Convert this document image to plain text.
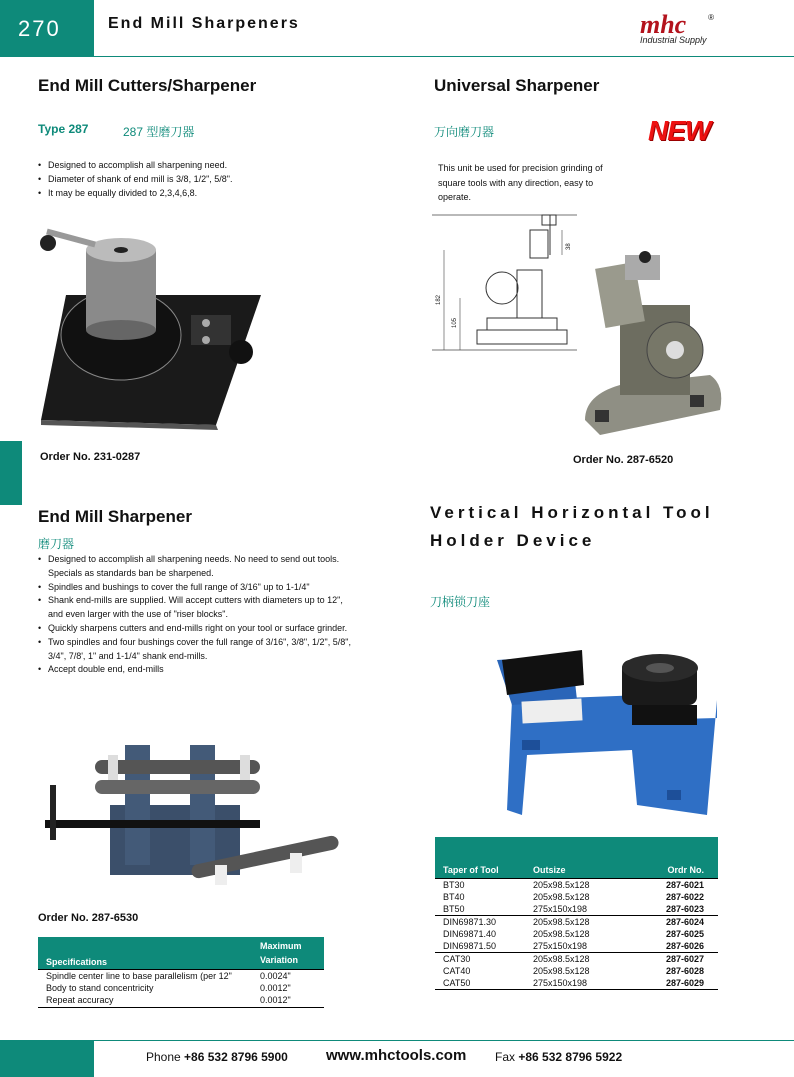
270	End Mill Sharpeners	mhc
Industrial Supply
®
End Mill Cutters/Sharpener
Type 287	287 型磨刀器
• Designed to accomplish all sharpening need.
• Diameter of shank of end mill is 3/8, 1/2", 5/8".
• It may be equally divided to 2,3,4,6,8.
Order No. 231-0287
Universal Sharpener
万向磨刀器	NEW
This unit be used for precision grinding of
square tools with any direction, easy to
operate.
182
105
38
Order No. 287-6520
End Mill Sharpener
磨刀器
• Designed to accomplish all sharpening needs. No need to send out tools.
Specials as standards ban be sharpened.
• Spindles and bushings to cover the full range of 3/16" up to 1-1/4"
• Shank end-mills are supplied. Will accept cutters with diameters up to 12",
and even larger with the use of "riser blocks".
• Quickly sharpens cutters and end-mills right on your tool or surface grinder.
• Two spindles and four bushings cover the full range of 3/16", 3/8", 1/2", 5/8",
3/4", 7/8', 1" and 1-1/4" shank end-mills.
• Accept double end, end-mills
Order No. 287-6530
Specifications	Maximum
Variation

Spindle center line to base parallelism (per 12"	0.0024"
Body to stand concentricity	0.0012"
Repeat accuracy	0.0012"
Vertical Horizontal Tool
Holder Device
刀柄锁刀座
Taper of Tool	Outsize	Ordr No.
BT30	205x98.5x128	287-6021
BT40	205x98.5x128	287-6022
BT50	275x150x198	287-6023
DIN69871.30	205x98.5x128	287-6024
DIN69871.40	205x98.5x128	287-6025
DIN69871.50	275x150x198	287-6026
CAT30	205x98.5x128	287-6027
CAT40	205x98.5x128	287-6028
CAT50	275x150x198	287-6029
Phone +86 532 8796 5900	www.mhctools.com Fax +86 532 8796 5922
